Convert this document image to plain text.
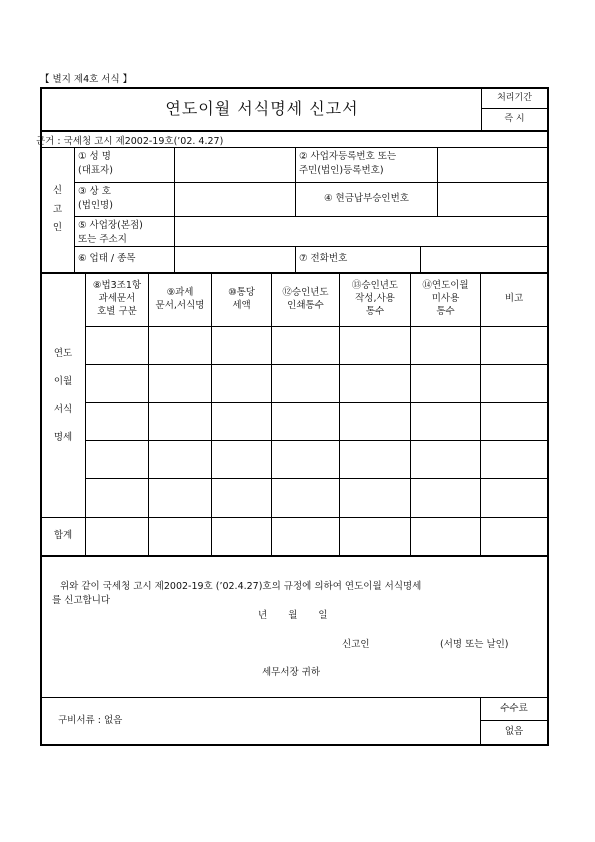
【 별지 제4호 서식 】
연도이월 서식명세 신고서
처리기간
즉 시
근거 : 국세청 고시 제2002-19호(’02. 4.27)
신
고
인
① 성 명
(대표자)
② 사업자등록번호 또는
주민(법인)등록번호)
③ 상 호
(법인명)
④ 현금납부승인번호
⑤ 사업장(본점)
또는 주소지
⑥ 업태 / 종목	⑦ 전화번호
연도
이월
서식
명세
합계
⑧법3조1항
과세문서
호별 구분
⑨과세
문서,서식명
⑩통당
세액
⑫승인년도
인쇄통수
⑬승인년도
작성,사용
통수
⑭연도이월
미사용
통수
비고
위와 같이 국세청 고시 제2002-19호 (’02.4.27)호의 규정에 의하여 연도이월 서식명세
를 신고합니다
년 월 일
신고인	(서명 또는 날인)
세무서장 귀하
구비서류 : 없음
수수료
없음
